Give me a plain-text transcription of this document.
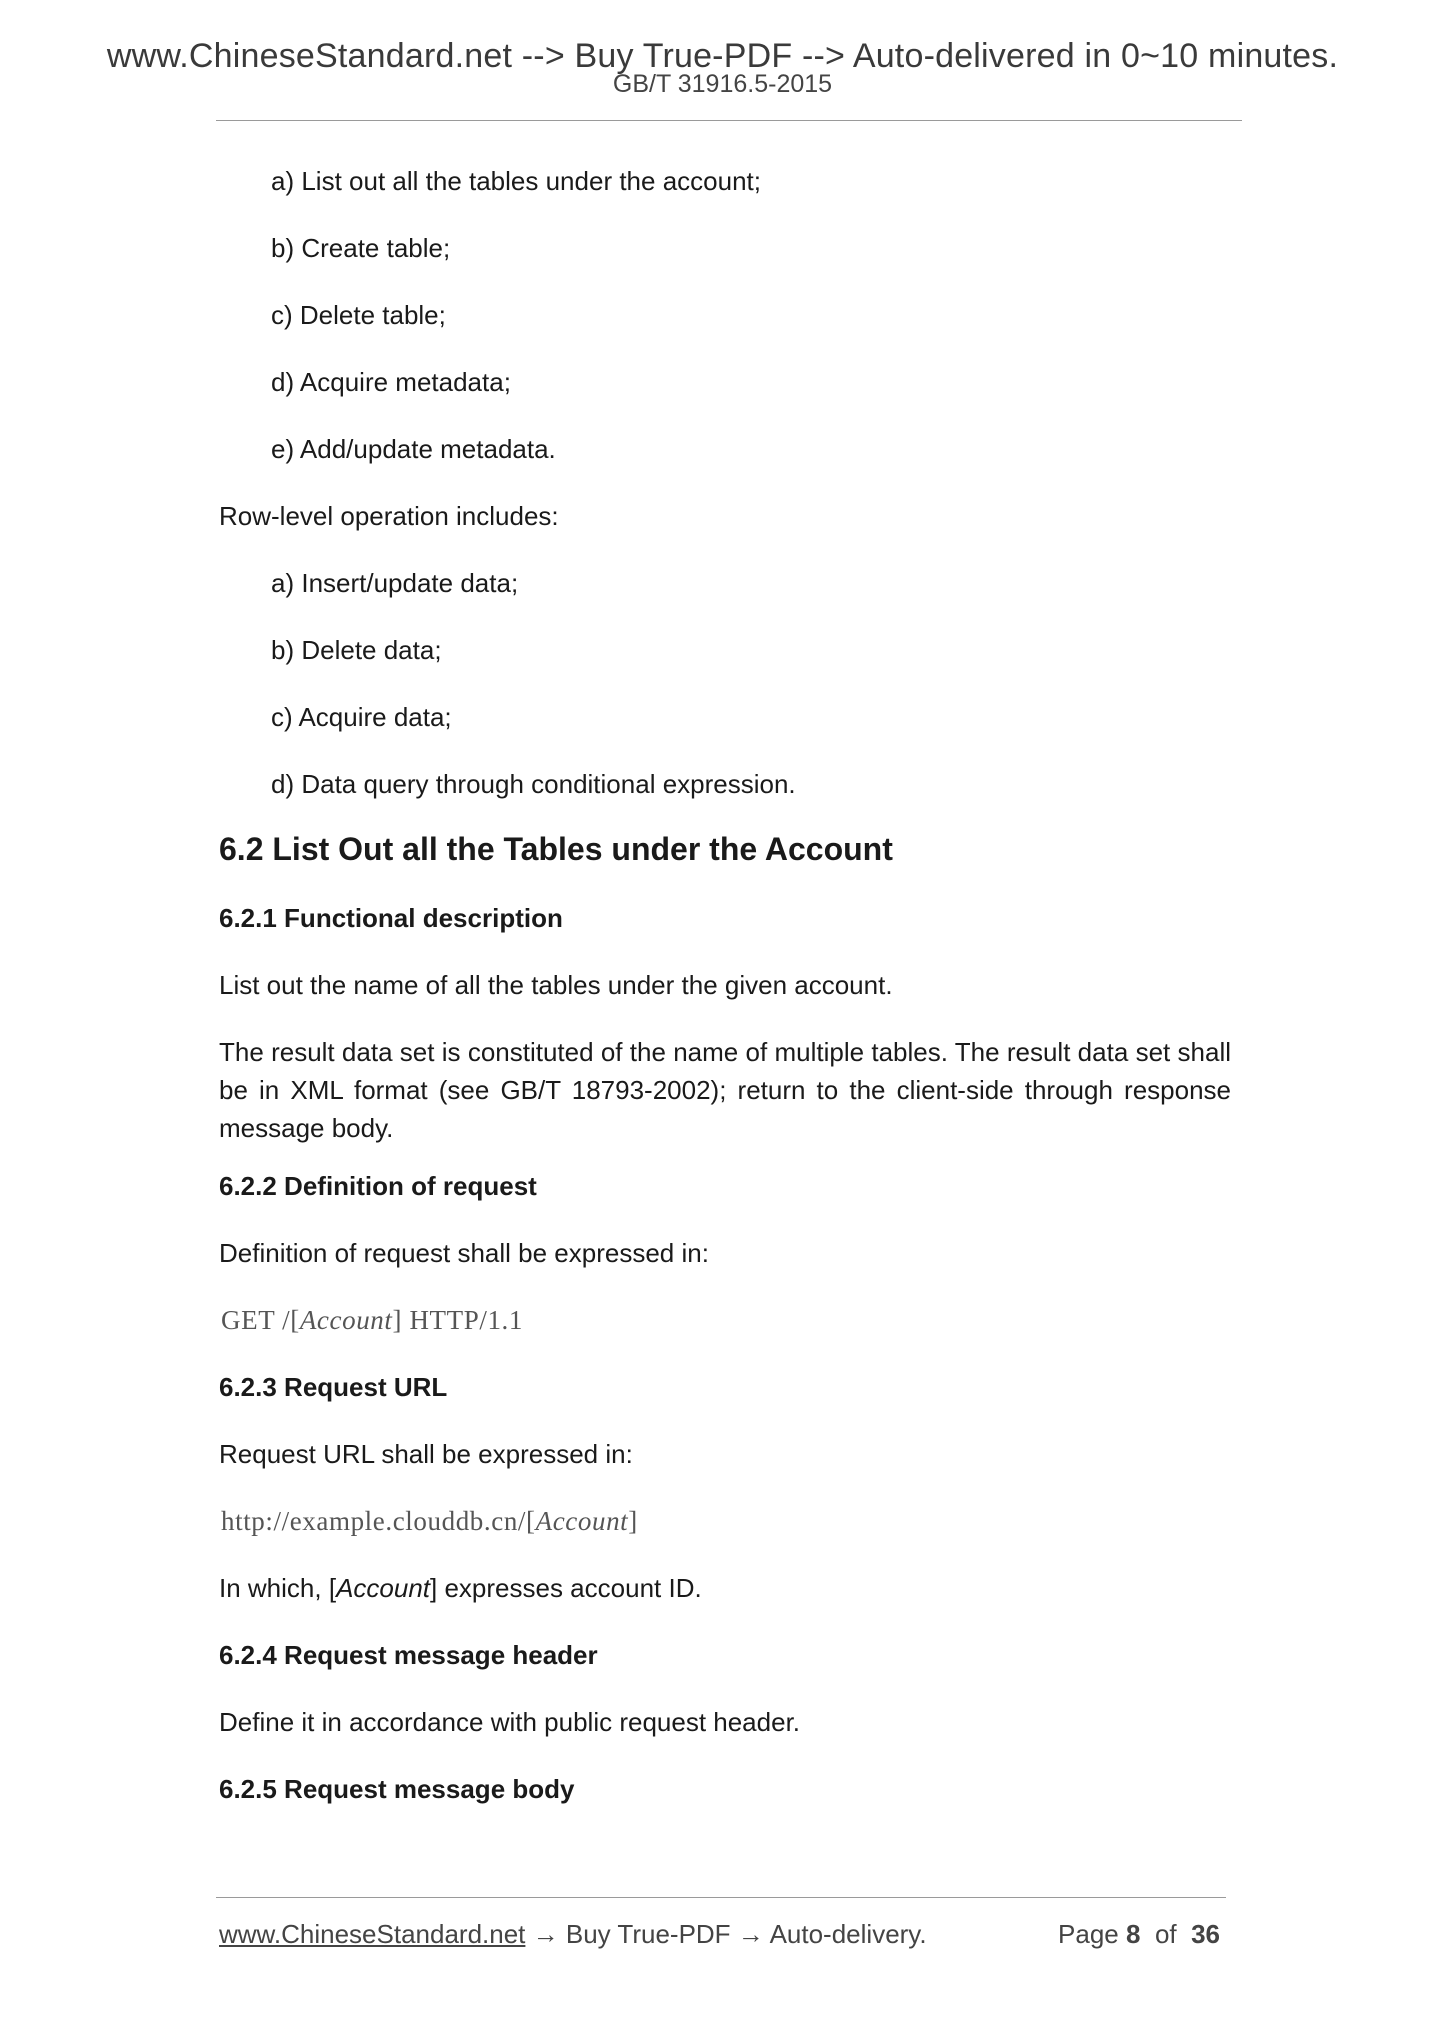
www.ChineseStandard.net --> Buy True-PDF --> Auto-delivered in 0~10 minutes.
GB/T 31916.5-2015
a) List out all the tables under the account;
b) Create table;
c) Delete table;
d) Acquire metadata;
e) Add/update metadata.
Row-level operation includes:
a) Insert/update data;
b) Delete data;
c) Acquire data;
d) Data query through conditional expression.
6.2 List Out all the Tables under the Account
6.2.1 Functional description
List out the name of all the tables under the given account.
The result data set is constituted of the name of multiple tables. The result data set shall be in XML format (see GB/T 18793-2002); return to the client-side through response message body.
6.2.2 Definition of request
Definition of request shall be expressed in:
GET /[Account] HTTP/1.1
6.2.3 Request URL
Request URL shall be expressed in:
http://example.clouddb.cn/[Account]
In which, [Account] expresses account ID.
6.2.4 Request message header
Define it in accordance with public request header.
6.2.5 Request message body
www.ChineseStandard.net → Buy True-PDF → Auto-delivery.	Page 8 of 36
